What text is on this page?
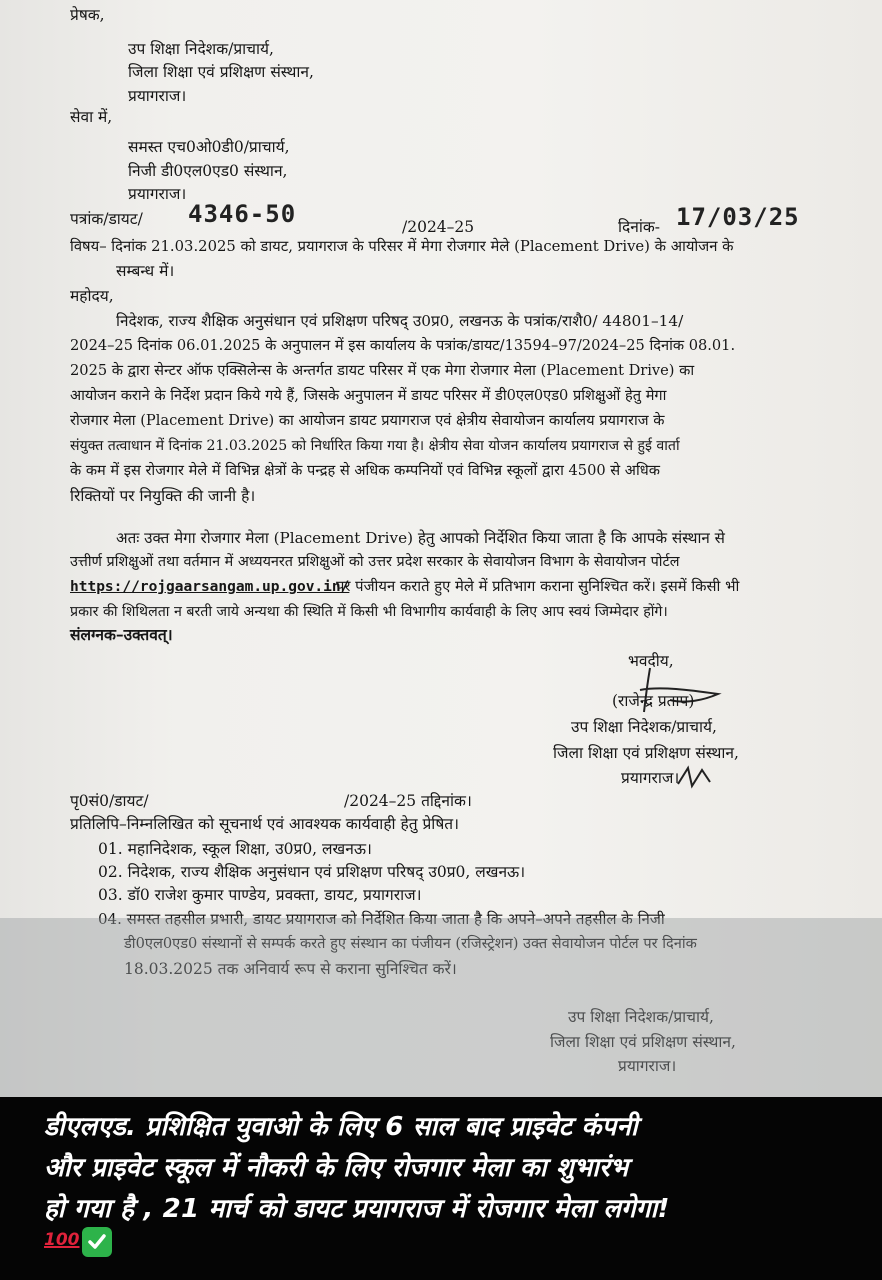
प्रेषक,
उप शिक्षा निदेशक/प्राचार्य,
जिला शिक्षा एवं प्रशिक्षण संस्थान,
प्रयागराज।
सेवा में,
समस्त एच0ओ0डी0/प्राचार्य,
निजी डी0एल0एड0 संस्थान,
प्रयागराज।
पत्रांक/डायट/ 4346-50	/2024–25	दिनांक- 17/03/25
विषय– दिनांक 21.03.2025 को डायट, प्रयागराज के परिसर में मेगा रोजगार मेले (Placement Drive) के आयोजन के
सम्बन्ध में।
महोदय,
निदेशक, राज्य शैक्षिक अनुसंधान एवं प्रशिक्षण परिषद् उ0प्र0, लखनऊ के पत्रांक/राशै0/ 44801–14/
2024–25 दिनांक 06.01.2025 के अनुपालन में इस कार्यालय के पत्रांक/डायट/13594–97/2024–25 दिनांक 08.01.
2025 के द्वारा सेन्टर ऑफ एक्सिलेन्स के अन्तर्गत डायट परिसर में एक मेगा रोजगार मेला (Placement Drive) का
आयोजन कराने के निर्देश प्रदान किये गये हैं, जिसके अनुपालन में डायट परिसर में डी0एल0एड0 प्रशिक्षुओं हेतु मेगा
रोजगार मेला (Placement Drive) का आयोजन डायट प्रयागराज एवं क्षेत्रीय सेवायोजन कार्यालय प्रयागराज के
संयुक्त तत्वाधान में दिनांक 21.03.2025 को निर्धारित किया गया है। क्षेत्रीय सेवा योजन कार्यालय प्रयागराज से हुई वार्ता
के कम में इस रोजगार मेले में विभिन्न क्षेत्रों के पन्द्रह से अधिक कम्पनियों एवं विभिन्न स्कूलों द्वारा 4500 से अधिक
रिक्तियों पर नियुक्ति की जानी है।
अतः उक्त मेगा रोजगार मेला (Placement Drive) हेतु आपको निर्देशित किया जाता है कि आपके संस्थान से
उत्तीर्ण प्रशिक्षुओं तथा वर्तमान में अध्ययनरत प्रशिक्षुओं को उत्तर प्रदेश सरकार के सेवायोजन विभाग के सेवायोजन पोर्टल
https://rojgaarsangam.up.gov.in/
पर पंजीयन कराते हुए मेले में प्रतिभाग कराना सुनिश्चित करें। इसमें किसी भी
प्रकार की शिथिलता न बरती जाये अन्यथा की स्थिति में किसी भी विभागीय कार्यवाही के लिए आप स्वयं जिम्मेदार होंगे।
संलग्नक–उक्तवत्।
भवदीय,
(राजेन्द्र प्रताप)
उप शिक्षा निदेशक/प्राचार्य,
जिला शिक्षा एवं प्रशिक्षण संस्थान,
प्रयागराज।
पृ0सं0/डायट/	/2024–25 तद्दिनांक।
प्रतिलिपि–निम्नलिखित को सूचनार्थ एवं आवश्यक कार्यवाही हेतु प्रेषित।
01. महानिदेशक, स्कूल शिक्षा, उ0प्र0, लखनऊ।
02. निदेशक, राज्य शैक्षिक अनुसंधान एवं प्रशिक्षण परिषद् उ0प्र0, लखनऊ।
03. डॉ0 राजेश कुमार पाण्डेय, प्रवक्ता, डायट, प्रयागराज।
04. समस्त तहसील प्रभारी, डायट प्रयागराज को निर्देशित किया जाता है कि अपने–अपने तहसील के निजी
डी0एल0एड0 संस्थानों से सम्पर्क करते हुए संस्थान का पंजीयन (रजिस्ट्रेशन) उक्त सेवायोजन पोर्टल पर दिनांक
18.03.2025 तक अनिवार्य रूप से कराना सुनिश्चित करें।
उप शिक्षा निदेशक/प्राचार्य,
जिला शिक्षा एवं प्रशिक्षण संस्थान,
प्रयागराज।
डीएलएड. प्रशिक्षित युवाओ के लिए 6 साल बाद प्राइवेट कंपनी
और प्राइवेट स्कूल में नौकरी के लिए रोजगार मेला का शुभारंभ
हो गया है , 21 मार्च को डायट प्रयागराज में रोजगार मेला लगेगा!
100
